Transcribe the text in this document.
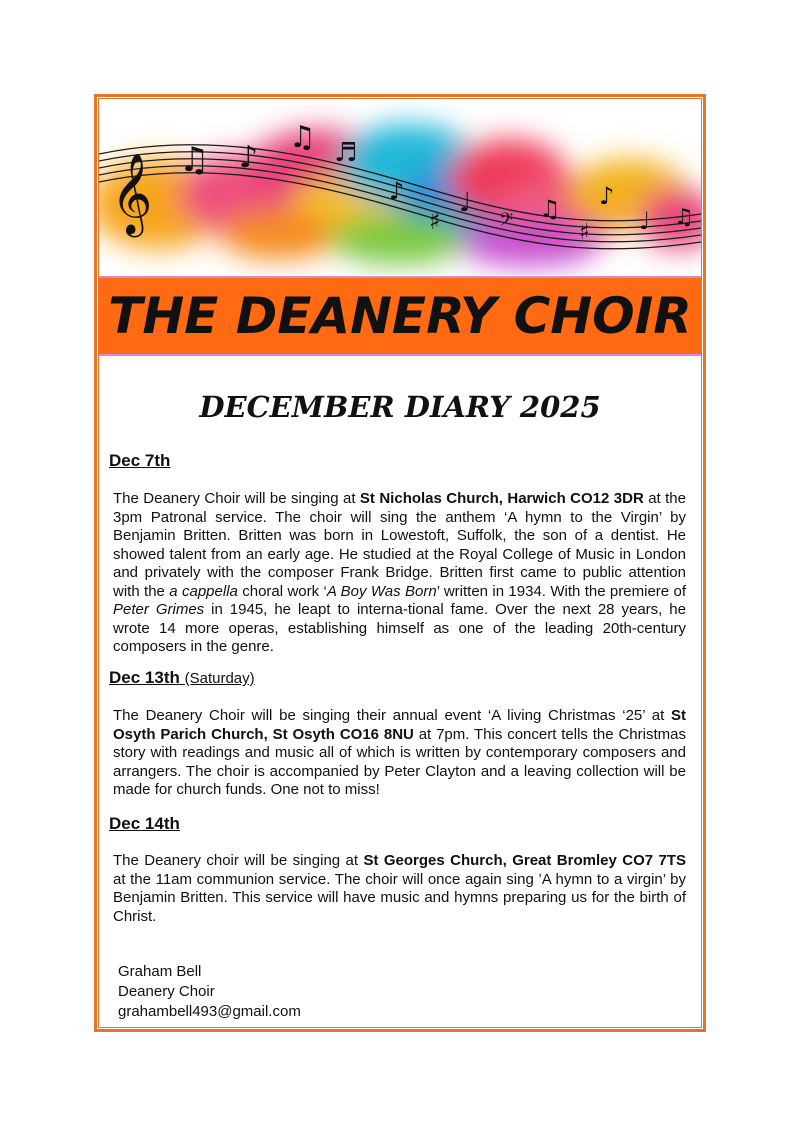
𝄞 ♫ ♪
♫ ♬
♪
♯
♩
𝄢 ♫
♯
♪
♩ ♫
THE DEANERY CHOIR
DECEMBER DIARY 2025
Dec 7th
The Deanery Choir will be singing at St Nicholas Church, Harwich CO12 3DR at the 3pm Patronal service. The choir will sing the anthem ‘A hymn to the Virgin’ by Benjamin Britten. Britten was born in Lowestoft, Suffolk, the son of a dentist. He showed talent from an early age. He studied at the Royal College of Music in London and privately with the composer Frank Bridge. Britten first came to public attention with the a cappella choral work ‘A Boy Was Born’ written in 1934. With the premiere of Peter Grimes in 1945, he leapt to interna-tional fame. Over the next 28 years, he wrote 14 more operas, establishing himself as one of the leading 20th-century composers in the genre.
Dec 13th (Saturday)
The Deanery Choir will be singing their annual event ‘A living Christmas ‘25’ at St Osyth Parich Church, St Osyth CO16 8NU at 7pm. This concert tells the Christmas story with readings and music all of which is written by contemporary composers and arrangers. The choir is accompanied by Peter Clayton and a leaving collection will be made for church funds. One not to miss!
Dec 14th
The Deanery choir will be singing at St Georges Church, Great Bromley CO7 7TS at the 11am communion service. The choir will once again sing ’A hymn to a virgin’ by Benjamin Britten. This service will have music and hymns preparing us for the birth of Christ.
Graham Bell
Deanery Choir
grahambell493@gmail.com
